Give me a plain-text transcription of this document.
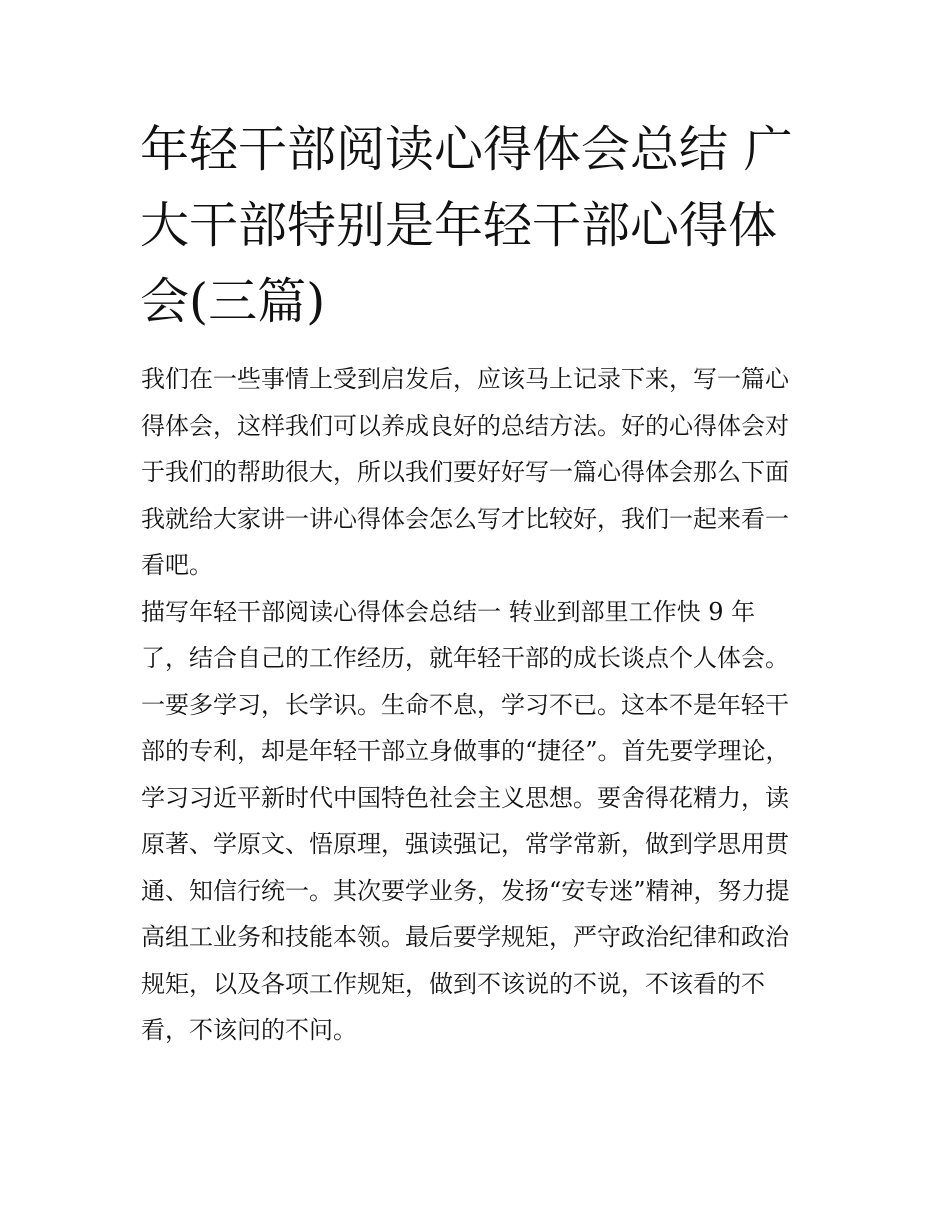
年轻干部阅读心得体会总结 广
大干部特别是年轻干部心得体
会(三篇)
我们在一些事情上受到启发后，应该马上记录下来，写一篇心
得体会，这样我们可以养成良好的总结方法。好的心得体会对
于我们的帮助很大，所以我们要好好写一篇心得体会那么下面
我就给大家讲一讲心得体会怎么写才比较好，我们一起来看一
看吧。
描写年轻干部阅读心得体会总结一 转业到部里工作快 9 年
了，结合自己的工作经历，就年轻干部的成长谈点个人体会。
一要多学习，长学识。生命不息，学习不已。这本不是年轻干
部的专利，却是年轻干部立身做事的“捷径”。首先要学理论，
学习习近平新时代中国特色社会主义思想。要舍得花精力，读
原著、学原文、悟原理，强读强记，常学常新，做到学思用贯
通、知信行统一。其次要学业务，发扬“安专迷”精神，努力提
高组工业务和技能本领。最后要学规矩，严守政治纪律和政治
规矩，以及各项工作规矩，做到不该说的不说，不该看的不
看，不该问的不问。
